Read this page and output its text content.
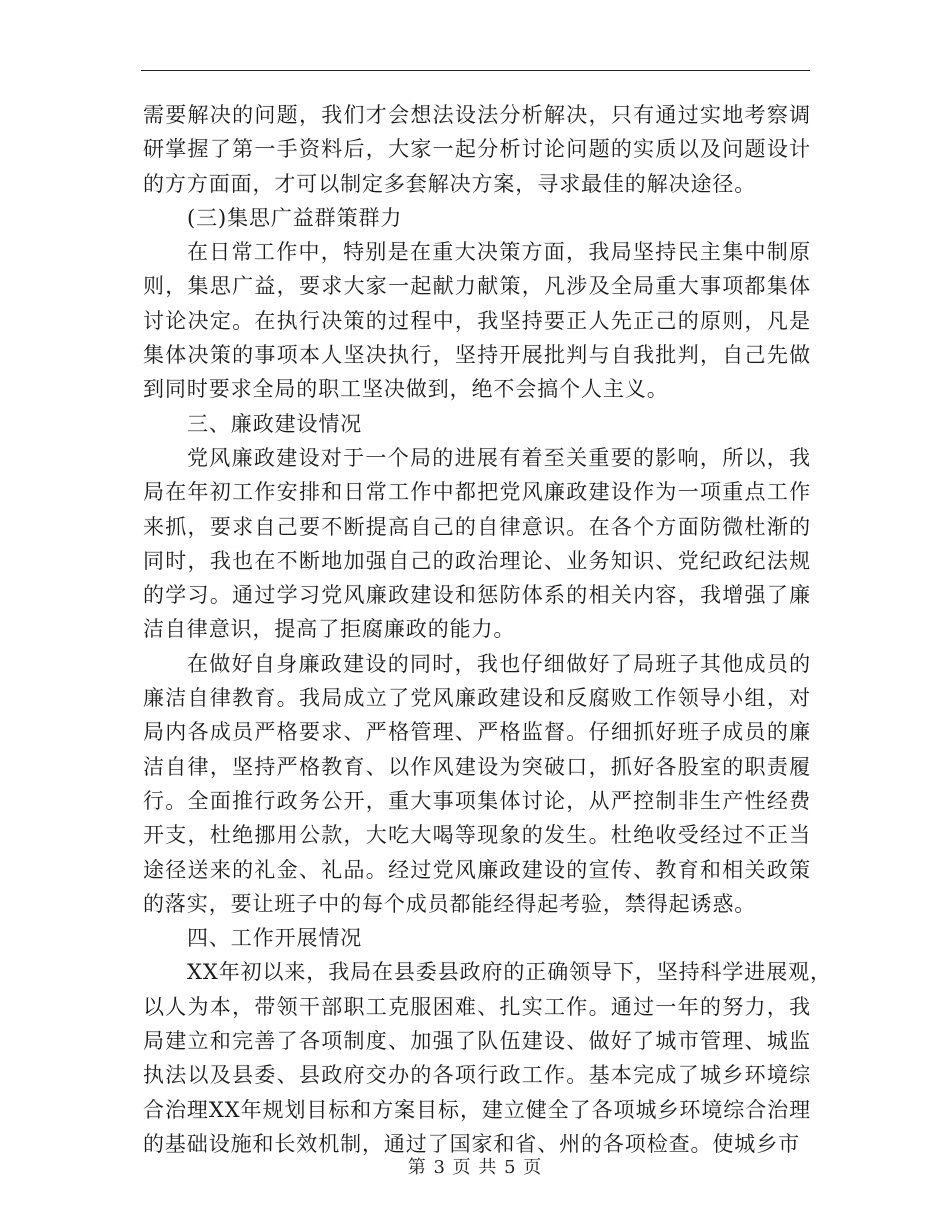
需要解决的问题，我们才会想法设法分析解决，只有通过实地考察调
研掌握了第一手资料后，大家一起分析讨论问题的实质以及问题设计
的方方面面，才可以制定多套解决方案，寻求最佳的解决途径。
(三)集思广益群策群力
在日常工作中，特别是在重大决策方面，我局坚持民主集中制原
则，集思广益，要求大家一起献力献策，凡涉及全局重大事项都集体
讨论决定。在执行决策的过程中，我坚持要正人先正己的原则，凡是
集体决策的事项本人坚决执行，坚持开展批判与自我批判，自己先做
到同时要求全局的职工坚决做到，绝不会搞个人主义。
三、廉政建设情况
党风廉政建设对于一个局的进展有着至关重要的影响，所以，我
局在年初工作安排和日常工作中都把党风廉政建设作为一项重点工作
来抓，要求自己要不断提高自己的自律意识。在各个方面防微杜渐的
同时，我也在不断地加强自己的政治理论、业务知识、党纪政纪法规
的学习。通过学习党风廉政建设和惩防体系的相关内容，我增强了廉
洁自律意识，提高了拒腐廉政的能力。
在做好自身廉政建设的同时，我也仔细做好了局班子其他成员的
廉洁自律教育。我局成立了党风廉政建设和反腐败工作领导小组，对
局内各成员严格要求、严格管理、严格监督。仔细抓好班子成员的廉
洁自律，坚持严格教育、以作风建设为突破口，抓好各股室的职责履
行。全面推行政务公开，重大事项集体讨论，从严控制非生产性经费
开支，杜绝挪用公款，大吃大喝等现象的发生。杜绝收受经过不正当
途径送来的礼金、礼品。经过党风廉政建设的宣传、教育和相关政策
的落实，要让班子中的每个成员都能经得起考验，禁得起诱惑。
四、工作开展情况
XX年初以来，我局在县委县政府的正确领导下，坚持科学进展观，
以人为本，带领干部职工克服困难、扎实工作。通过一年的努力，我
局建立和完善了各项制度、加强了队伍建设、做好了城市管理、城监
执法以及县委、县政府交办的各项行政工作。基本完成了城乡环境综
合治理XX年规划目标和方案目标，建立健全了各项城乡环境综合治理
的基础设施和长效机制，通过了国家和省、州的各项检查。使城乡市
第 3 页 共 5 页
